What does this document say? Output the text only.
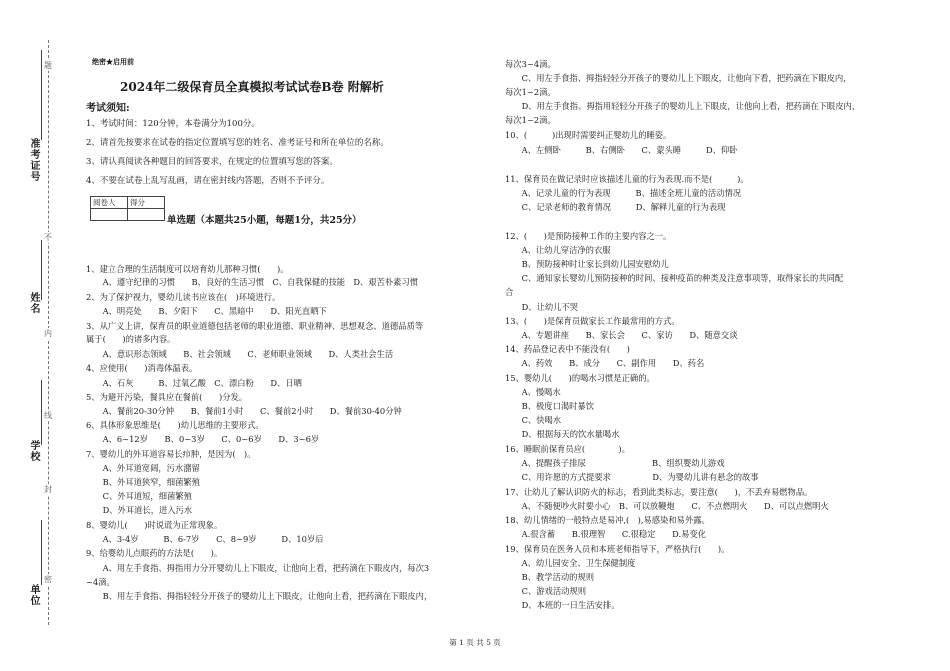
题
不
内
线
封
密
准考证号
姓名
学校
单位
绝密★启用前
2024年二级保育员全真模拟考试试卷B卷 附解析
考试须知:
1、考试时间：120分钟，本卷满分为100分。
2、请首先按要求在试卷的指定位置填写您的姓名、准考证号和所在单位的名称。
3、请认真阅读各种题目的回答要求，在规定的位置填写您的答案。
4、不要在试卷上乱写乱画，请在密封线内答题，否则不予评分。
阅卷人	得分

单选题（本题共25小题，每题1分，共25分）
1、建立合理的生活制度可以培育幼儿那种习惯(　　)。
　　A、遵守纪律的习惯　　B、良好的生活习惯　C、自我保健的技能　D、艰苦朴素习惯
2、为了保护视力，婴幼儿读书应该在(　)环境进行。
　　A、明亮处　　B、夕阳下　　C、黑暗中　　D、阳光直晒下
3、从广义上讲，保育员的职业道德包括老师的职业道德、职业精神、思想观念、道德品质等
属于(　　)的诸多内容。
　　A、意识形态领域　　B、社会领域　　C、老师职业领域　　D、人类社会生活
4、应使用(　　)消毒体温表。
　　A、石灰　　　B、过氧乙酸　C、漂白粉　　D、日晒
5、为避开污染，餐具应在餐前(　　)分发。
　　A、餐前20-30分钟　　B、餐前1小时　　C、餐前2小时　　D、餐前30-40分钟
6、具体形象思维是(　　)幼儿思维的主要形式。
　　A、6~12岁　　B、0~3岁　　C、0~6岁　　D、3~6岁
7、婴幼儿的外耳道容易长疖肿，是因为(　)。
　　A、外耳道宽阔，污水潴留
　　B、外耳道狭窄，细菌繁殖
　　C、外耳道短，细菌繁殖
　　D、外耳道长，进入污水
8、婴幼儿(　　)时说谎为正常现象。
　　A、3-4岁　　　B、6-7岁　　C、8~9岁　　　D、10岁后
9、给婴幼儿点眼药的方法是(　　)。
　　A、用左手食指、拇指用力分开婴幼儿上下眼皮，让他向上看，把药滴在下眼皮内，每次3
~4滴。
　　B、用左手食指、拇指轻轻分开孩子的婴幼儿上下眼皮，让他向上看，把药滴在下眼皮内，
每次3~4滴。
　　C、用左手食指、拇指轻轻分开孩子的婴幼儿上下眼皮，让他向下看，把药滴在下眼皮内，
每次1~2滴。
　　D、用左手食指、拇指用轻轻分开孩子的婴幼儿上下眼皮，让他向上看，把药滴在下眼皮内，
每次1~2滴。
10、(　　　)出现时需要纠正婴幼儿的睡姿。
　　A、左侧卧　　　B、右侧卧　　C、蒙头睡　　　D、仰卧
11、保育员在做记录时应该描述儿童的行为表现.而不是(　　　)。
　　A、记录儿童的行为表现　　　B、描述全班儿童的活动情况
　　C、记录老师的教育情况　　　D、解释儿童的行为表现
12、(　　)是预防接种工作的主要内容之一。
　　A、让幼儿穿洁净的衣服
　　B、预防接种时让家长到幼儿园安慰幼儿
　　C、通知家长婴幼儿预防接种的时间、接种疫苗的种类及注意事项等，取得家长的共同配
合
　　D、让幼儿不哭
13、(　　)是保育员做家长工作最常用的方式。
　　A、专题讲座　　B、家长会　　C、家访　　D、随意交谈
14、药品登记表中不能没有(　　)
　　A、药效　　B、成分　　C、副作用　　D、药名
15、婴幼儿(　　)的喝水习惯是正确的。
　　A、慢喝水
　　B、极度口渴时暴饮
　　C、快喝水
　　D、根据每天的饮水量喝水
16、睡眠前保育员应(　　　　)。
　　A、提醒孩子排尿　　　　　　　　B、组织婴幼儿游戏
　　C、用许愿的方式提要求　　　　　D、为婴幼儿讲有悬念的故事
17、让幼儿了解认识防火的标志，看到此类标志，要注意(　　)，不丢弃易燃物品。
　　A、不随便吵火时要小心　B、可以放鞭炮　　C、不点燃明火　　D、可以点燃明火
18、幼儿情绪的一般特点是易冲,(　),易感染和易外露。
　　A.很含蓄　　B.很理智　　C.很稳定　　D.易变化
19、保育员在医务人员和本班老师指导下，严格执行(　　)。
　　A、幼儿园安全、卫生保健制度
　　B、教学活动的规则
　　C、游戏活动规则
　　D、本班的一日生活安排。
第 1 页 共 5 页
